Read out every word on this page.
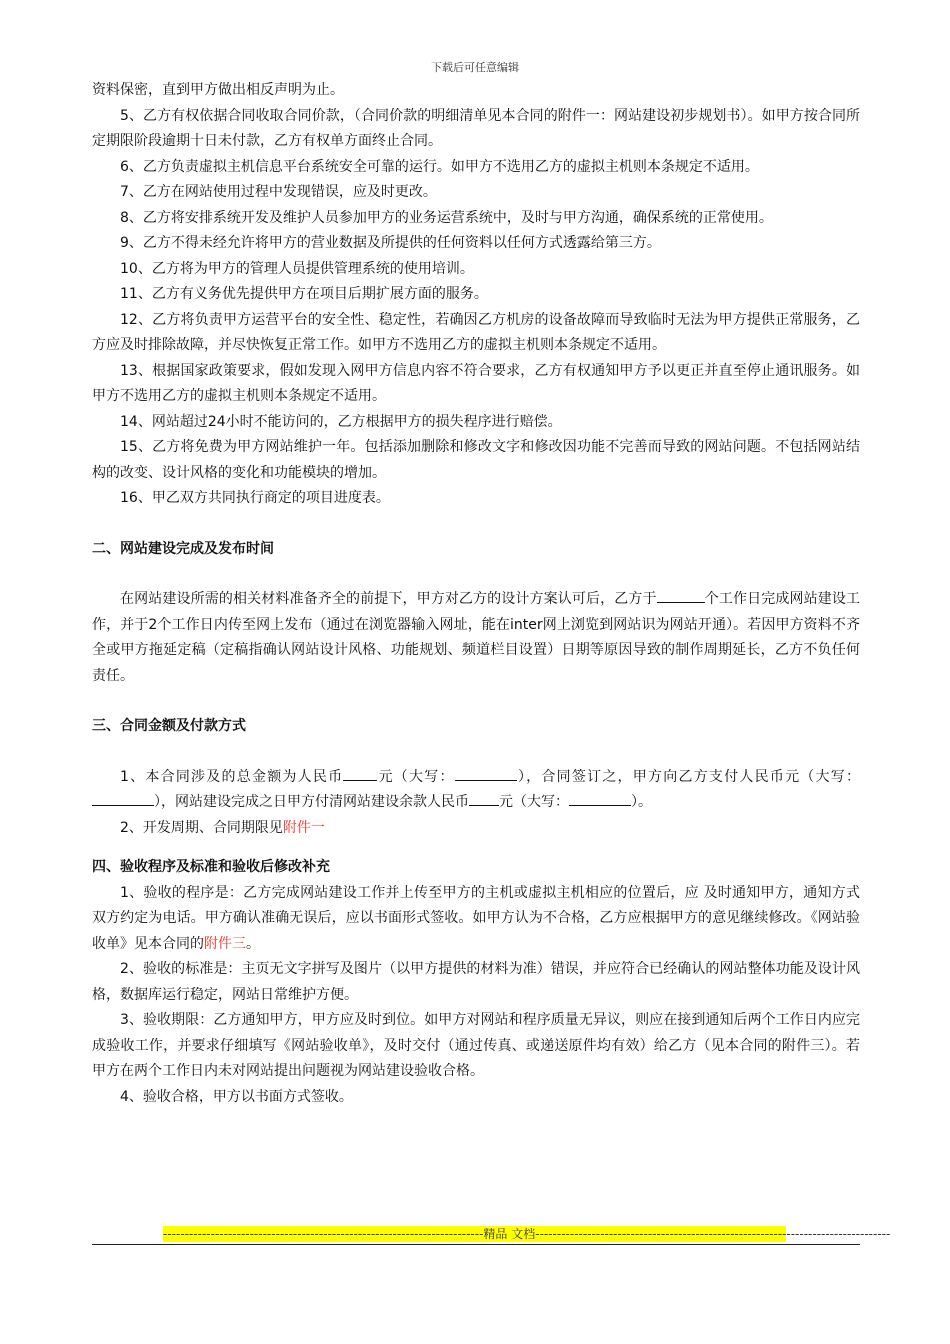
下载后可任意编辑

资料保密，直到甲方做出相反声明为止。

5、乙方有权依据合同收取合同价款，（合同价款的明细清单见本合同的附件一：网站建设初步规划书）。如甲方按合同所定期限阶段逾期十日未付款，乙方有权单方面终止合同。

6、乙方负责虚拟主机信息平台系统安全可靠的运行。如甲方不选用乙方的虚拟主机则本条规定不适用。

7、乙方在网站使用过程中发现错误，应及时更改。

8、乙方将安排系统开发及维护人员参加甲方的业务运营系统中，及时与甲方沟通，确保系统的正常使用。

9、乙方不得未经允许将甲方的营业数据及所提供的任何资料以任何方式透露给第三方。

10、乙方将为甲方的管理人员提供管理系统的使用培训。

11、乙方有义务优先提供甲方在项目后期扩展方面的服务。

12、乙方将负责甲方运营平台的安全性、稳定性，若确因乙方机房的设备故障而导致临时无法为甲方提供正常服务，乙方应及时排除故障，并尽快恢复正常工作。如甲方不选用乙方的虚拟主机则本条规定不适用。

13、根据国家政策要求，假如发现入网甲方信息内容不符合要求，乙方有权通知甲方予以更正并直至停止通讯服务。如甲方不选用乙方的虚拟主机则本条规定不适用。

14、网站超过24小时不能访问的，乙方根据甲方的损失程序进行赔偿。

15、乙方将免费为甲方网站维护一年。包括添加删除和修改文字和修改因功能不完善而导致的网站问题。不包括网站结构的改变、设计风格的变化和功能模块的增加。

16、甲乙双方共同执行商定的项目进度表。

二、网站建设完成及发布时间

在网站建设所需的相关材料准备齐全的前提下，甲方对乙方的设计方案认可后，乙方于	个工作日完成网站建设工作，并于2个工作日内传至网上发布（通过在浏览器输入网址，能在inter网上浏览到网站识为网站开通）。若因甲方资料不齐全或甲方拖延定稿（定稿指确认网站设计风格、功能规划、频道栏目设置）日期等原因导致的制作周期延长，乙方不负任何责任。

三、合同金额及付款方式

1、本合同涉及的总金额为人民币 元（大写：	），合同签订之，甲方向乙方支付人民币元（大写：），网站建设完成之日甲方付清网站建设余款人民币 元（大写：	）。

2、开发周期、合同期限见附件一

四、验收程序及标准和验收后修改补充

1、验收的程序是：乙方完成网站建设工作并上传至甲方的主机或虚拟主机相应的位置后，应 及时通知甲方，通知方式双方约定为电话。甲方确认准确无误后，应以书面形式签收。如甲方认为不合格，乙方应根据甲方的意见继续修改。《网站验收单》见本合同的附件三。

2、验收的标准是：主页无文字拼写及图片（以甲方提供的材料为准）错误，并应符合已经确认的网站整体功能及设计风格，数据库运行稳定，网站日常维护方便。

3、验收期限：乙方通知甲方，甲方应及时到位。如甲方对网站和程序质量无异议，则应在接到通知后两个工作日内应完成验收工作，并要求仔细填写《网站验收单》，及时交付（通过传真、或递送原件均有效）给乙方（见本合同的附件三）。若甲方在两个工作日内未对网站提出问题视为网站建设验收合格。

4、验收合格，甲方以书面方式签收。

--------------------------------------------------------------------------精品 文档----------------------------------------------------------------------------------
